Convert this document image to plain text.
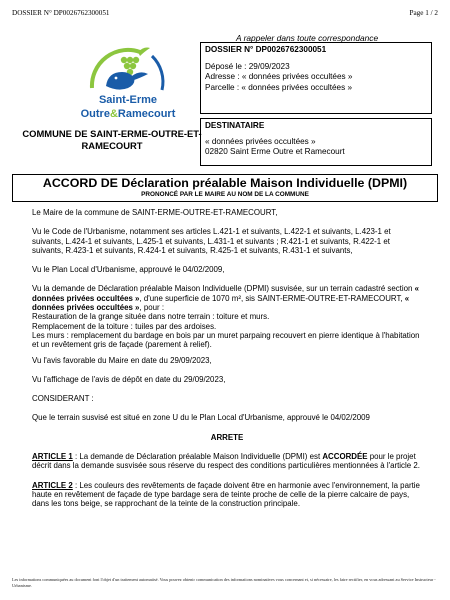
DOSSIER N° DP0026762300051	Page 1 / 2
A rappeler dans toute correspondance
Saint-Erme
Outre&Ramecourt
COMMUNE DE SAINT-ERME-OUTRE-ET-RAMECOURT
DOSSIER N° DP0026762300051
Déposé le : 29/09/2023
Adresse : « données privées occultées »
Parcelle : « données privées occultées »
DESTINATAIRE
« données privées occultées »
02820 Saint Erme Outre et Ramecourt
ACCORD DE Déclaration préalable Maison Individuelle (DPMI)
PRONONCÉ PAR LE MAIRE AU NOM DE LA COMMUNE

Le Maire de la commune de SAINT-ERME-OUTRE-ET-RAMECOURT,

Vu le Code de l'Urbanisme, notamment ses articles L.421-1 et suivants, L.422-1 et suivants, L.423-1 et suivants, L.424-1 et suivants, L.425-1 et suivants, L.431-1 et suivants ; R.421-1 et suivants, R.422-1 et suivants, R.423-1 et suivants, R.424-1 et suivants, R.425-1 et suivants, R.431-1 et suivants,

Vu le Plan Local d'Urbanisme, approuvé le 04/02/2009,

Vu la demande de Déclaration préalable Maison Individuelle (DPMI) susvisée, sur un terrain cadastré section « données privées occultées », d'une superficie de 1070 m², sis SAINT-ERME-OUTRE-ET-RAMECOURT, « données privées occultées », pour :
Restauration de la grange située dans notre terrain : toiture et murs.
Remplacement de la toiture : tuiles par des ardoises.
Les murs : remplacement du bardage en bois par un muret parpaing recouvert en pierre identique à l'habitation et un revêtement gris de façade (parement à relief).

Vu l'avis favorable du Maire en date du 29/09/2023,

Vu l'affichage de l'avis de dépôt en date du 29/09/2023,

CONSIDERANT :

Que le terrain susvisé est situé en zone U du le Plan Local d'Urbanisme, approuvé le 04/02/2009

ARRETE

ARTICLE 1 : La demande de Déclaration préalable Maison Individuelle (DPMI) est ACCORDÉE pour le projet décrit dans la demande susvisée sous réserve du respect des conditions particulières mentionnées à l'article 2.

ARTICLE 2 : Les couleurs des revêtements de façade doivent être en harmonie avec l'environnement, la partie haute en revêtement de façade de type bardage sera de teinte proche de celle de la pierre calcaire de pays, dans les tons beige, se rapprochant de la teinte de la construction principale.

Les informations communiquées au document font l'objet d'un traitement automatisé. Vous pouvez obtenir communication des informations nominatives vous concernant et, si nécessaire, les faire rectifier, en vous adressant au Service Instructeur - Urbanisme.
